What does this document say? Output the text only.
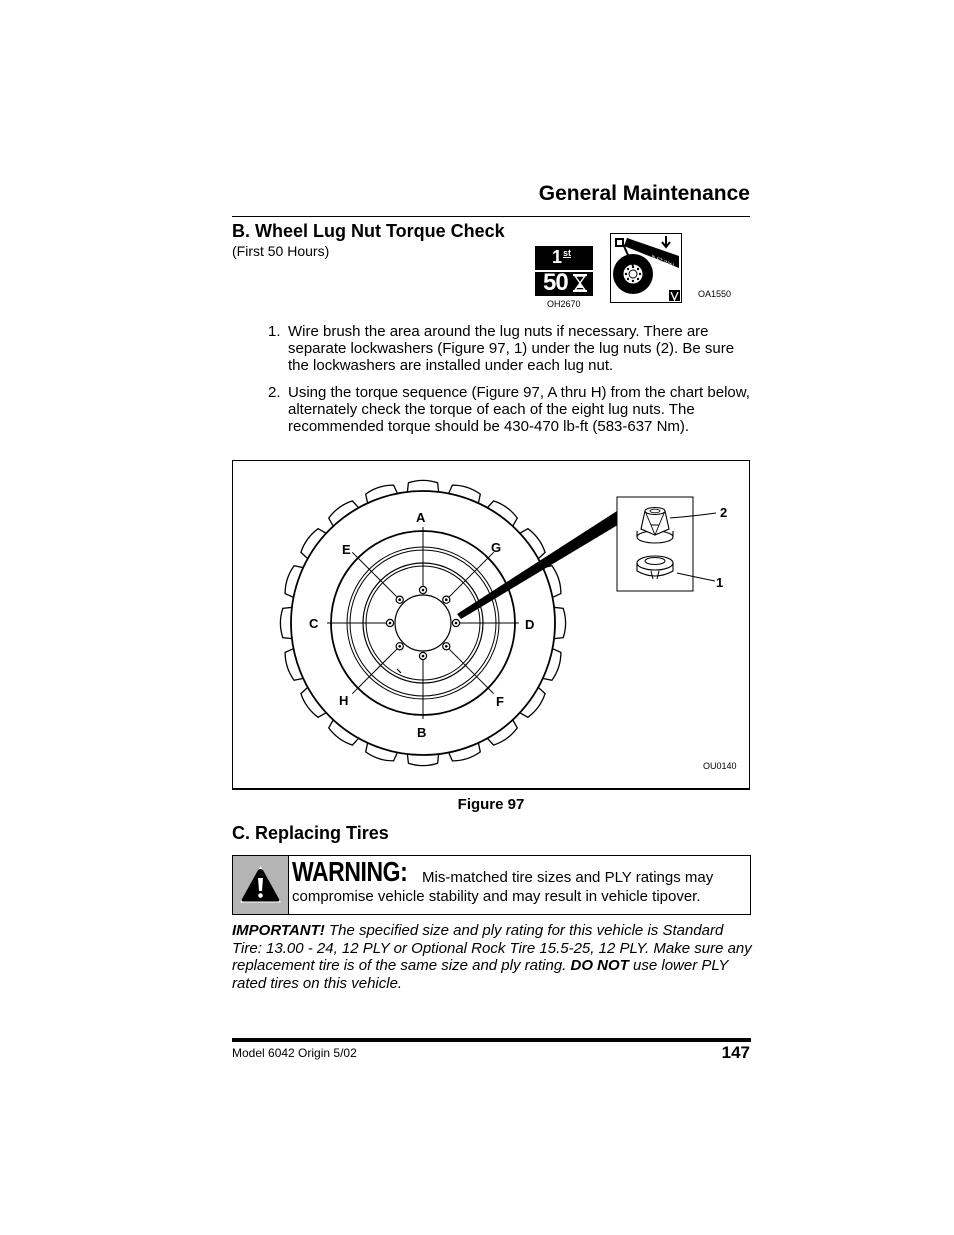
General Maintenance
B. Wheel Lug Nut Torque Check
(First 50 Hours)	1 st
50
OH2670
lb-FT (Nm)
OA1550
1. Wire brush the area around the lug nuts if necessary. There are separate lockwashers (Figure 97, 1) under the lug nuts (2). Be sure the lockwashers are installed under each lug nut.
2. Using the torque sequence (Figure 97, A thru H) from the chart below, alternately check the torque of each of the eight lug nuts. The recommended torque should be 430-470 lb-ft (583-637 Nm).
A
B
C	D
E
F
G
H
2
1
OU0140
Figure 97
C. Replacing Tires
WARNING: Mis-matched tire sizes and PLY ratings may
compromise vehicle stability and may result in vehicle tipover.
IMPORTANT! The specified size and ply rating for this vehicle is Standard Tire: 13.00 - 24, 12 PLY or Optional Rock Tire 15.5-25, 12 PLY. Make sure any replacement tire is of the same size and ply rating. DO NOT use lower PLY rated tires on this vehicle.
Model 6042 Origin 5/02	147
